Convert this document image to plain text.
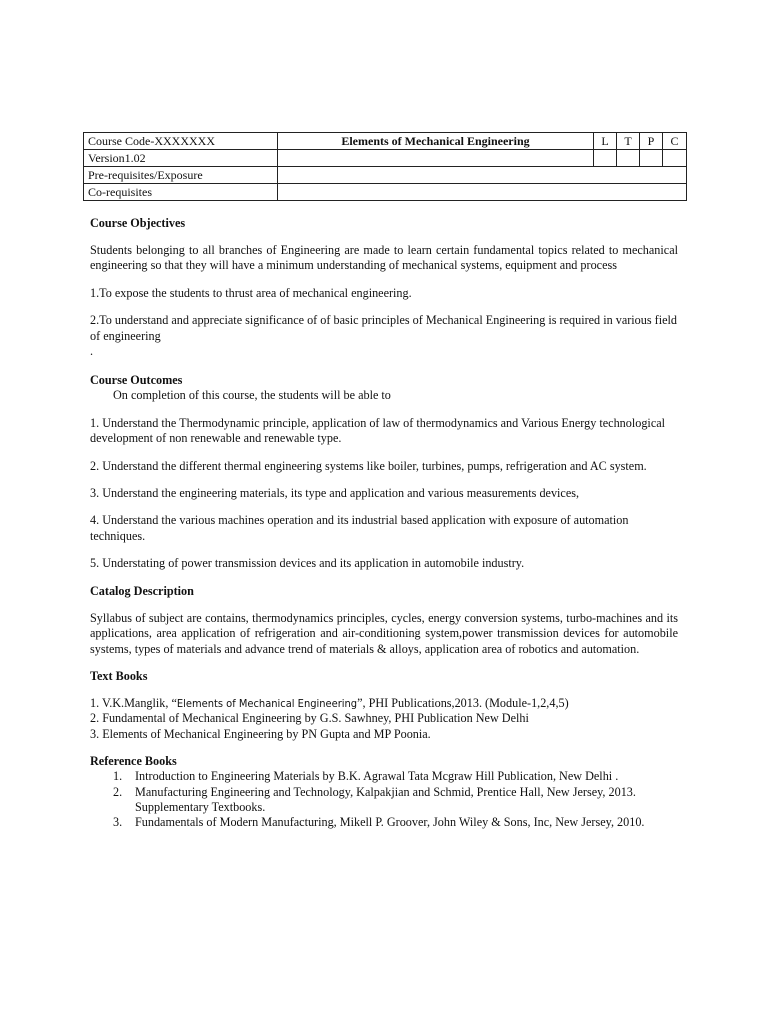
Course Code-XXXXXXX	Elements of Mechanical Engineering	L	T	P	C
Version1.02					
Pre-requisites/Exposure					
Co-requisites					
Course Objectives

Students belonging to all branches of Engineering are made to learn certain fundamental topics related to mechanical engineering so that they will have a minimum understanding of mechanical systems, equipment and process

1.To expose the students to thrust area of mechanical engineering.

2.To understand and appreciate significance of of basic principles of Mechanical Engineering is required in various field of engineering

.

Course Outcomes

On completion of this course, the students will be able to

1. Understand the Thermodynamic principle, application of law of thermodynamics and Various Energy technological development of non renewable and renewable type.

2. Understand the different thermal engineering systems like boiler, turbines, pumps, refrigeration and AC system.

3. Understand the engineering materials, its type and application and various measurements devices,

4. Understand the various machines operation and its industrial based application with exposure of automation techniques.

5. Understating of power transmission devices and its application in automobile industry.

Catalog Description

Syllabus of subject are contains, thermodynamics principles, cycles, energy conversion systems, turbo-machines and its applications, area application of refrigeration and air-conditioning system,power transmission devices for automobile systems, types of materials and advance trend of materials & alloys, application area of robotics and automation.

Text Books

1. V.K.Manglik, “Elements of Mechanical Engineering”, PHI Publications,2013. (Module-1,2,4,5)

2. Fundamental of Mechanical Engineering by G.S. Sawhney, PHI Publication New Delhi

3. Elements of Mechanical Engineering by PN Gupta and MP Poonia.

Reference Books
1.	Introduction to Engineering Materials by B.K. Agrawal Tata Mcgraw Hill Publication, New Delhi .
2.	Manufacturing Engineering and Technology, Kalpakjian and Schmid, Prentice Hall, New Jersey, 2013. Supplementary Textbooks.
3.	Fundamentals of Modern Manufacturing, Mikell P. Groover, John Wiley & Sons, Inc, New Jersey, 2010.
